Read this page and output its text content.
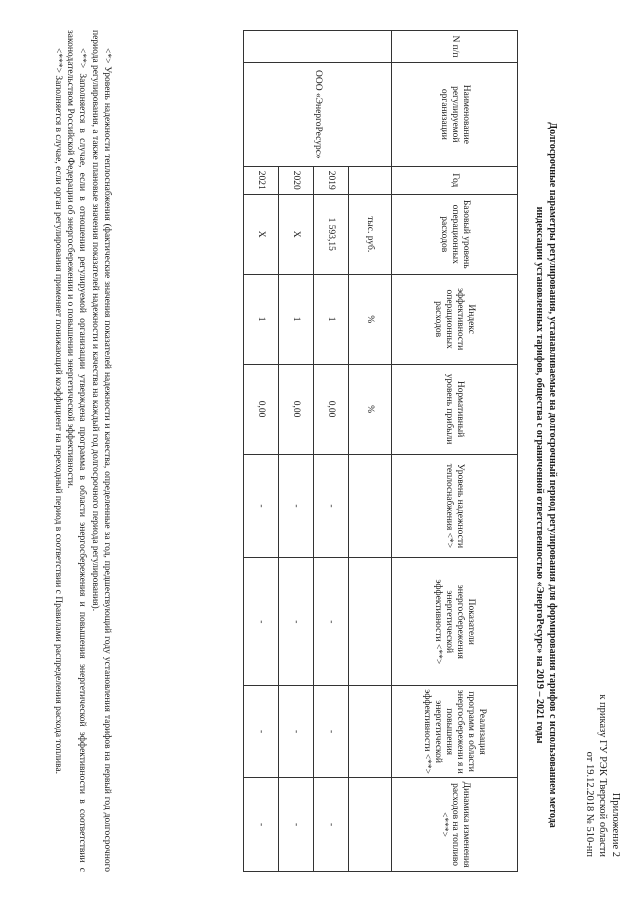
Приложение 2
к приказу ГУ РЭК Тверской области
от 19.12.2018 № 510-нп
Долгосрочные параметры регулирования, устанавливаемые на долгосрочный период регулирования для формирования тарифов с использованием метода индексации установленных тарифов, общества с ограниченной ответственностью «ЭнергоРесурс» на 2019 – 2021 годы
N п/п	Наименование регулируемой организации	Год	Базовый уровень операционных расходов	Индекс эффективности операционных расходов	Нормативный уровень прибыли	Уровень надежности теплоснабжения <*>	Показатели энергосбережения энергетической эффективности <**>	Реализация программ в области энергосбережени я и повышения энергетической эффективности <**>	Динамика изменения расходов на топливо <***>
	ООО «ЭнергоРесурс»		тыс. руб.	%	%				
		2019	1 593,15	1	0,00	-	-	-	-
		2020	Х	1	0,00	-	-	-	-
		2021	Х	1	0,00	-	-	-	-

<*> Уровень надежности теплоснабжения (фактические значения показателей надежности и качества, определенные за год, предшествующий году установления тарифов на первый год долгосрочного периода регулирования, а также плановые значения показателей надежности и качества на каждый год долгосрочного периода регулирования).

<**> Заполняется в случае, если в отношении регулируемой организации утверждена программа в области энергосбережения и повышения энергетической эффективности в соответствии с законодательством Российской Федерации об энергосбережении и о повышении энергетической эффективности.

<***> Заполняется в случае, если орган регулирования применяет понижающий коэффициент на переходный период в соответствии с Правилами распределения расхода топлива.
